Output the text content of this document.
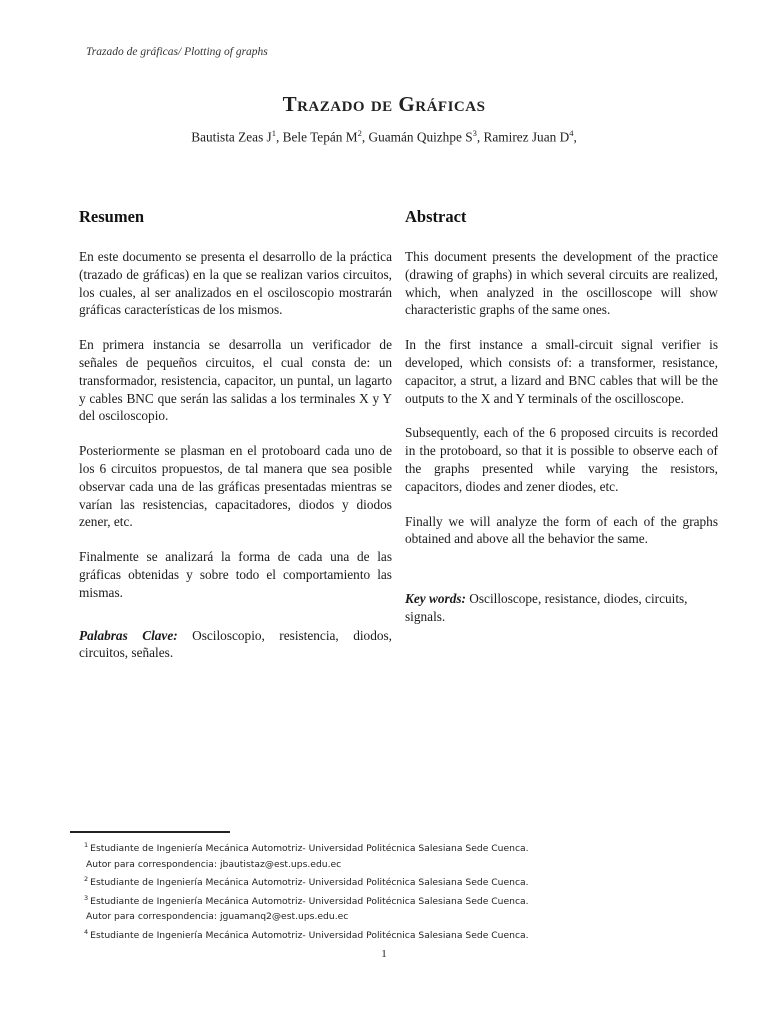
Trazado de gráficas/ Plotting of graphs
Trazado de Gráficas
Bautista Zeas $J^1$, Bele Tepán $M^2$, Guamán Quizhpe $S^3$, Ramirez Juan $D^4$,
Resumen

En este documento se presenta el desarrollo de la práctica (trazado de gráficas) en la que se realizan varios circuitos, los cuales, al ser analizados en el osciloscopio mostrarán gráficas características de los mismos.

En primera instancia se desarrolla un verificador de señales de pequeños circuitos, el cual consta de: un transformador, resistencia, capacitor, un puntal, un lagarto y cables BNC que serán las salidas a los terminales X y Y del osciloscopio.

Posteriormente se plasman en el protoboard cada uno de los 6 circuitos propuestos, de tal manera que sea posible observar cada una de las gráficas presentadas mientras se varían las resistencias, capacitadores, diodos y diodos zener, etc.

Finalmente se analizará la forma de cada una de las gráficas obtenidas y sobre todo el comportamiento las mismas.

Palabras Clave: Osciloscopio, resistencia, diodos, circuitos, señales.

Abstract

This document presents the development of the practice (drawing of graphs) in which several circuits are realized, which, when analyzed in the oscilloscope will show characteristic graphs of the same ones.

In the first instance a small-circuit signal verifier is developed, which consists of: a transformer, resistance, capacitor, a strut, a lizard and BNC cables that will be the outputs to the X and Y terminals of the oscilloscope.

Subsequently, each of the 6 proposed circuits is recorded in the protoboard, so that it is possible to observe each of the graphs presented while varying the resistors, capacitors, diodes and zener diodes, etc.

Finally we will analyze the form of each of the graphs obtained and above all the behavior the same.

Key words: Oscilloscope, resistance, diodes, circuits, signals.

$^1$ Estudiante de Ingeniería Mecánica Automotriz- Universidad Politécnica Salesiana Sede Cuenca.
Autor para correspondencia: jbautistaz@est.ups.edu.ec
$^2$ Estudiante de Ingeniería Mecánica Automotriz- Universidad Politécnica Salesiana Sede Cuenca.
$^3$ Estudiante de Ingeniería Mecánica Automotriz- Universidad Politécnica Salesiana Sede Cuenca.
Autor para correspondencia: jguamanq2@est.ups.edu.ec
$^4$ Estudiante de Ingeniería Mecánica Automotriz- Universidad Politécnica Salesiana Sede Cuenca.
1
